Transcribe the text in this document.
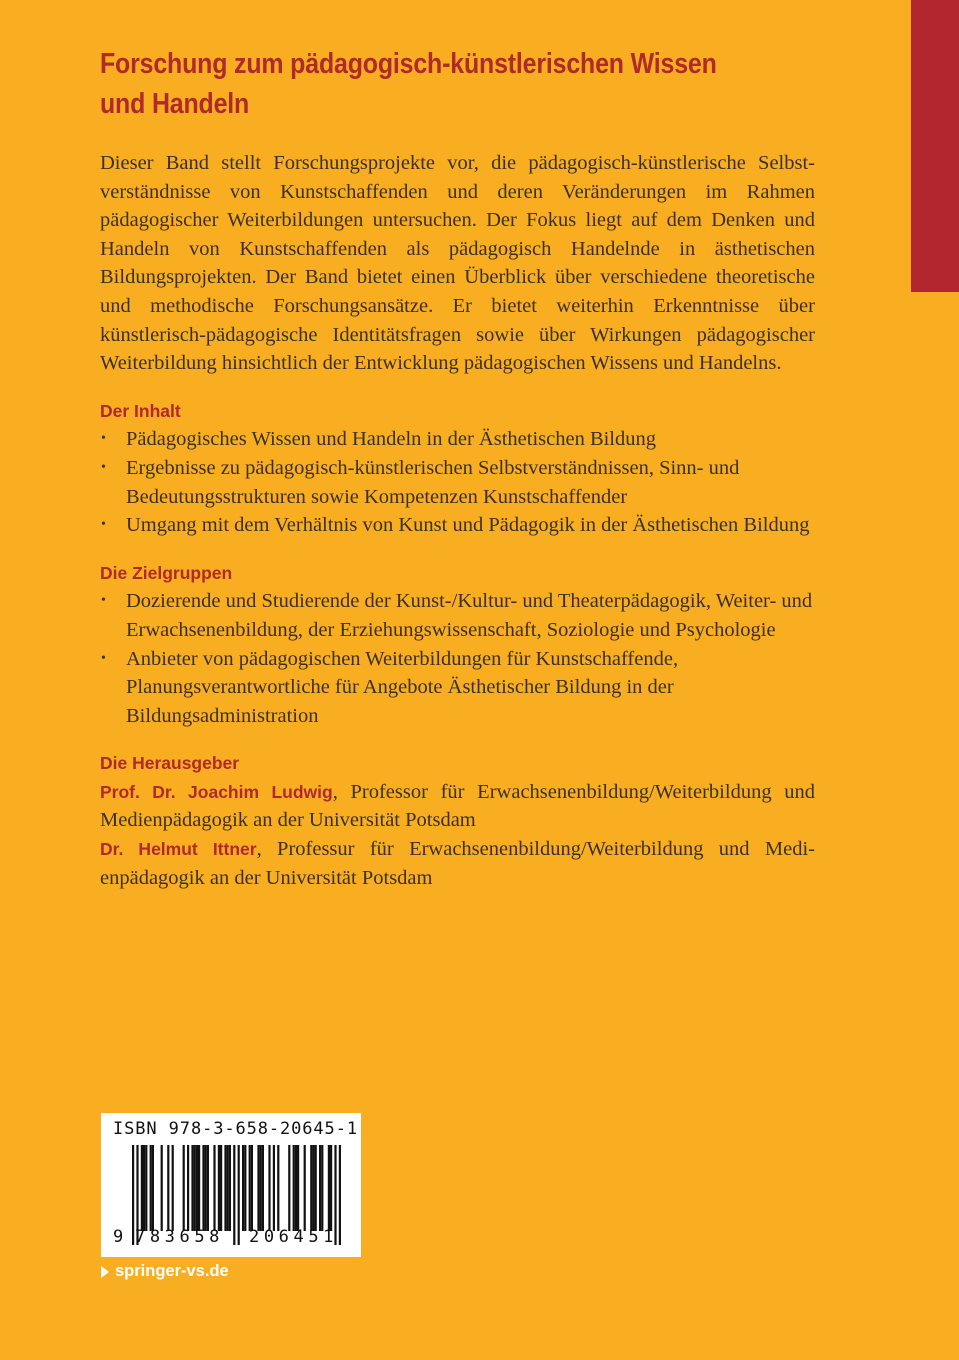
Forschung zum pädagogisch-künstlerischen Wissen und Handeln

Dieser Band stellt Forschungsprojekte vor, die pädagogisch-künstlerische Selbstverständnisse von Kunstschaffenden und deren Veränderungen im Rahmen pädagogischer Weiterbildungen untersuchen. Der Fokus liegt auf dem Denken und Handeln von Kunstschaffenden als pädagogisch Handelnde in ästhetischen Bildungsprojekten. Der Band bietet einen Überblick über verschiedene theoretische und methodische Forschungsansätze. Er bietet weiterhin Erkenntnisse über künstlerisch-pädagogische Identitätsfragen sowie über Wirkungen pädagogischer Weiterbildung hinsichtlich der Entwicklung pädagogischen Wissens und Handelns.

Der Inhalt
• Pädagogisches Wissen und Handeln in der Ästhetischen Bildung
• Ergebnisse zu pädagogisch-künstlerischen Selbstverständnissen, Sinn- und Bedeutungsstrukturen sowie Kompetenzen Kunstschaffender
• Umgang mit dem Verhältnis von Kunst und Pädagogik in der Ästhetischen Bildung
Die Zielgruppen
• Dozierende und Studierende der Kunst-/Kultur- und Theaterpädagogik, Weiter- und Erwachsenenbildung, der Erziehungswissenschaft, Soziologie und Psychologie
• Anbieter von pädagogischen Weiterbildungen für Kunstschaffende, Planungsverantwortliche für Angebote Ästhetischer Bildung in der Bildungsadministration
Die Herausgeber

Prof. Dr. Joachim Ludwig, Professor für Erwachsenenbildung/Weiterbildung und Medienpädagogik an der Universität Potsdam

Dr. Helmut Ittner, Professur für Erwachsenenbildung/Weiterbildung und Medienpädagogik an der Universität Potsdam

ISBN 978-3-658-20645-1
9 783658 206451
springer-vs.de
